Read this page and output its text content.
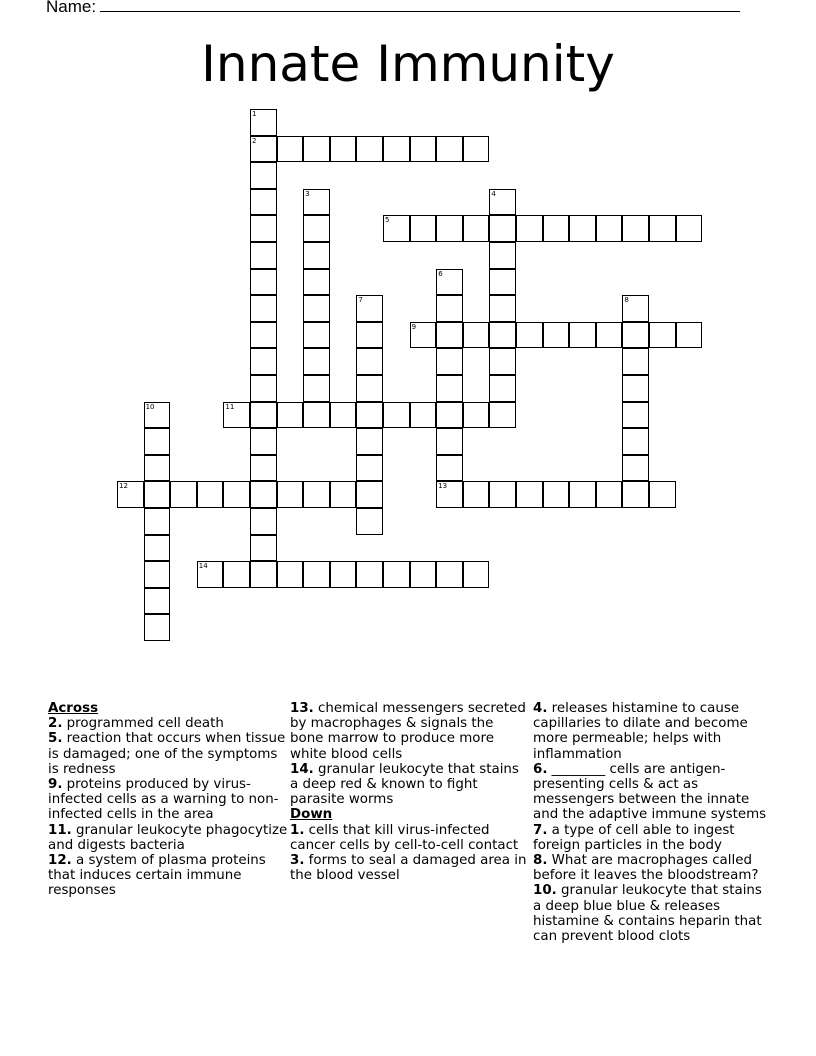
Name:
Innate Immunity
1
2
3	4
5
6
13
7	8
9
10	11
12
14

Across

2. programmed cell death

5. reaction that occurs when tissue is damaged; one of the symptoms is redness

9. proteins produced by virus-infected cells as a warning to non-infected cells in the area

11. granular leukocyte phagocytize and digests bacteria

12. a system of plasma proteins that induces certain immune responses

13. chemical messengers secreted by macrophages & signals the bone marrow to produce more white blood cells

14. granular leukocyte that stains a deep red & known to fight parasite worms

Down

1. cells that kill virus-infected cancer cells by cell-to-cell contact

3. forms to seal a damaged area in the blood vessel

4. releases histamine to cause capillaries to dilate and become more permeable; helps with inflammation

6. ________ cells are antigen-presenting cells & act as messengers between the innate and the adaptive immune systems

7. a type of cell able to ingest foreign particles in the body

8. What are macrophages called before it leaves the bloodstream?

10. granular leukocyte that stains a deep blue blue & releases histamine & contains heparin that can prevent blood clots
